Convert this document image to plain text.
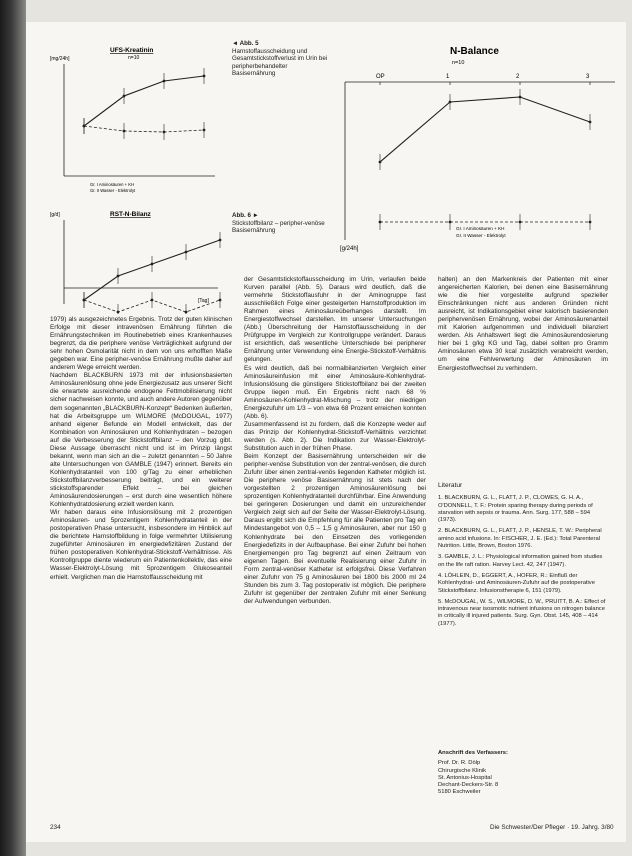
UFS-Kreatinin
n=10
[mg/24h]
Gr. I Aminosäuren + KH
Gr. II Wasser - Elektrolyt
RST-N-Bilanz
[g/d]
[Tag]
◄ Abb. 5
Harnstoffausscheidung und Gesamtstickstoffverlust im Urin bei peripherbehandelter Basisernährung
Abb. 6 ►
Stickstoffbilanz – peripher-venöse Basisernährung
N-Balance
n=10
OP	1	2	3
Gr. I Aminosäuren + KH
Gr. II Wasser - Elektrolyt
[g/24h]

1979) als ausgezeichnetes Ergebnis. Trotz der guten klinischen Erfolge mit dieser intravenösen Ernährung führten die Ernährungstechniken im Routinebetrieb eines Krankenhauses begrenzt, da die periphere venöse Verträglichkeit aufgrund der sehr hohen Osmolarität nicht in dem von uns erhofften Maße gegeben war. Eine peripher-venöse Ernährung mußte daher auf anderem Wege erreicht werden.

Nachdem BLACKBURN 1973 mit der infusionsbasierten Aminosäurenlösung ohne jede Energiezusatz aus unserer Sicht die erwartete ausreichende endogene Fettmobilisierung nicht sicher nachweisen konnte, und auch andere Autoren gegenüber dem sogenannten „BLACKBURN-Konzept“ Bedenken äußerten, hat die Arbeitsgruppe um WILMORE (McDOUGAL, 1977) anhand eigener Befunde ein Modell entwickelt, das der Kombination von Aminosäuren und Kohlenhydraten – bezogen auf die Verbesserung der Stickstoffbilanz – den Vorzug gibt. Diese Aussage überrascht nicht und ist im Prinzip längst bekannt, wenn man sich an die – zuletzt genannten – 50 Jahre alte Untersuchungen von GAMBLE (1947) erinnert. Bereits ein Kohlenhydratanteil von 100 g/Tag zu einer erheblichen Stickstoffbilanzverbesserung beiträgt, und ein weiterer stickstoffsparender Effekt – bei gleichen Aminosäurendosierungen – erst durch eine wesentlich höhere Kohlenhydratdosierung erzielt werden kann.

Wir haben daraus eine Infusionslösung mit 2 prozentigen Aminosäuren- und 5prozentigem Kohlenhydratanteil in der postoperativen Phase untersucht, insbesondere im Hinblick auf die berichtete Harnstoffbildung in folge vermehrter Utilisierung zugeführter Aminosäuren im energiedefizitären Zustand der frühen postoperativen Kohlenhydrat-Stickstoff-Verhältnisse. Als Kontrollgruppe diente wiederum ein Patientenkollektiv, das eine Wasser-Elektrolyt-Lösung mit 5prozentigem Glukoseanteil erhielt. Verglichen man die Harnstoffausscheidung mit

der Gesamtstickstoffausscheidung im Urin, verlaufen beide Kurven parallel (Abb. 5). Daraus wird deutlich, daß die vermehrte Stickstoffausfuhr in der Aminogruppe fast ausschließlich Folge einer gesteigerten Harnstoffproduktion im Rahmen eines Aminosäureüberhanges darstellt. Im Energiestoffwechsel darstellen. Im unserer Untersuchungen (Abb.) Überschreitung der Harnstoffausscheidung in der Prüfgruppe im Vergleich zur Kontrollgruppe verändert. Daraus ist ersichtlich, daß wesentliche Unterschiede bei peripherer Ernährung unter Verwendung eine Energie-Stickstoff-Verhältnis gelungen.

Es wird deutlich, daß bei normalbilanzierten Vergleich einer Aminosäureinfusion mit einer Aminosäure-Kohlenhydrat-Infusionslösung die günstigere Stickstoffbilanz bei der zweiten Gruppe liegen muß. Ein Ergebnis nicht nach 68 % Aminosäuren-Kohlenhydrat-Mischung – trotz der niedrigen Energiezufuhr um 1/3 – von etwa 68 Prozent erreichen konnten (Abb. 6).

Zusammenfassend ist zu fordern, daß die Konzepte weder auf das Prinzip der Kohlenhydrat-Stickstoff-Verhältnis verzichtet werden (s. Abb. 2). Die Indikation zur Wasser-Elektrolyt-Substitution auch in der frühen Phase.

Beim Konzept der Basisernährung unterscheiden wir die peripher-venöse Substitution von der zentral-venösen, die durch Zufuhr über einen zentral-venös liegenden Katheter möglich ist. Die periphere venöse Basisernährung ist stets nach der vorgestellten 2 prozentigen Aminosäurenlösung bei sprozentigen Kohlenhydratanteil durchführbar. Eine Anwendung bei geringeren Dosierungen und damit ein unzureichender Vergleich zeigt sich auf der Seite der Wasser-Elektrolyt-Lösung. Daraus ergibt sich die Empfehlung für alle Patienten pro Tag ein Mindestangebot von 0,5 – 1,5 g Aminosäuren, aber nur 150 g Kohlenhydrate bei den Einsetzen des vorliegenden Energiedefizits in der Aufbauphase. Bei einer Zufuhr bei hohen Energiemengen pro Tag begrenzt auf einen Zeitraum von eigenen Tagen. Bei eventuelle Realisierung einer Zufuhr in Form zentral-venöser Katheter ist erfolgsfrei. Diese Verfahren einer Zufuhr von 75 g Aminosäuren bei 1800 bis 2000 ml 24 Stunden bis zum 3. Tag postoperativ ist möglich. Die periphere Zufuhr ist gegenüber der zentralen Zufuhr mit einer Senkung der Aufwendungen verbunden.

halten) an den Markenkreis der Patienten mit einer angereicherten Kalorien, bei denen eine Basisernährung wie die hier vorgestellte aufgrund spezieller Einschränkungen nicht aus anderen Gründen nicht ausreicht, ist Indikationsgebiet einer kalorisch basierenden periphervenösen Ernährung, wobei der Aminosäurenanteil mit Kalorien aufgenommen und individuell bilanziert werden. Als Anhaltswert liegt die Aminosäurendosierung hier bei 1 g/kg KG und Tag, dabei sollten pro Gramm Aminosäuren etwa 30 kcal zusätzlich verabreicht werden, um eine Fehlverwertung der Aminosäuren im Energiestoffwechsel zu verhindern.

Literatur
1. BLACKBURN, G. L., FLATT, J. P., CLOWES, G. H. A., O'DONNELL, T. F.: Protein sparing therapy during periods of starvation with sepsis or trauma. Ann. Surg. 177, 588 – 594 (1973).
2. BLACKBURN, G. L., FLATT, J. P., HENSLE, T. W.: Peripheral amino acid infusions. In: FISCHER, J. E. (Ed.): Total Parenteral Nutrition. Little, Brown, Boston 1976.
3. GAMBLE, J. L.: Physiological information gained from studies on the life raft ration. Harvey Lect. 42, 247 (1947).
4. LÖHLEIN, D., EGGERT, A., HOFER, R.: Einfluß der Kohlenhydrat- und Aminosäuren-Zufuhr auf die postoperative Stickstoffbilanz. Infusionstherapie 6, 151 (1979).
5. McDOUGAL, W. S., WILMORE, D. W., PRUITT, B. A.: Effect of intravenous near isosmotic nutrient infusions on nitrogen balance in critically ill injured patients. Surg. Gyn. Obst. 145, 408 – 414 (1977).
Anschrift des Verfassers:
Prof. Dr. R. Dölp
Chirurgische Klinik
St. Antonius-Hospital
Dechant-Deckers-Str. 8
5180 Eschweiler
234	Die Schwester/Der Pfleger · 19. Jahrg. 3/80
